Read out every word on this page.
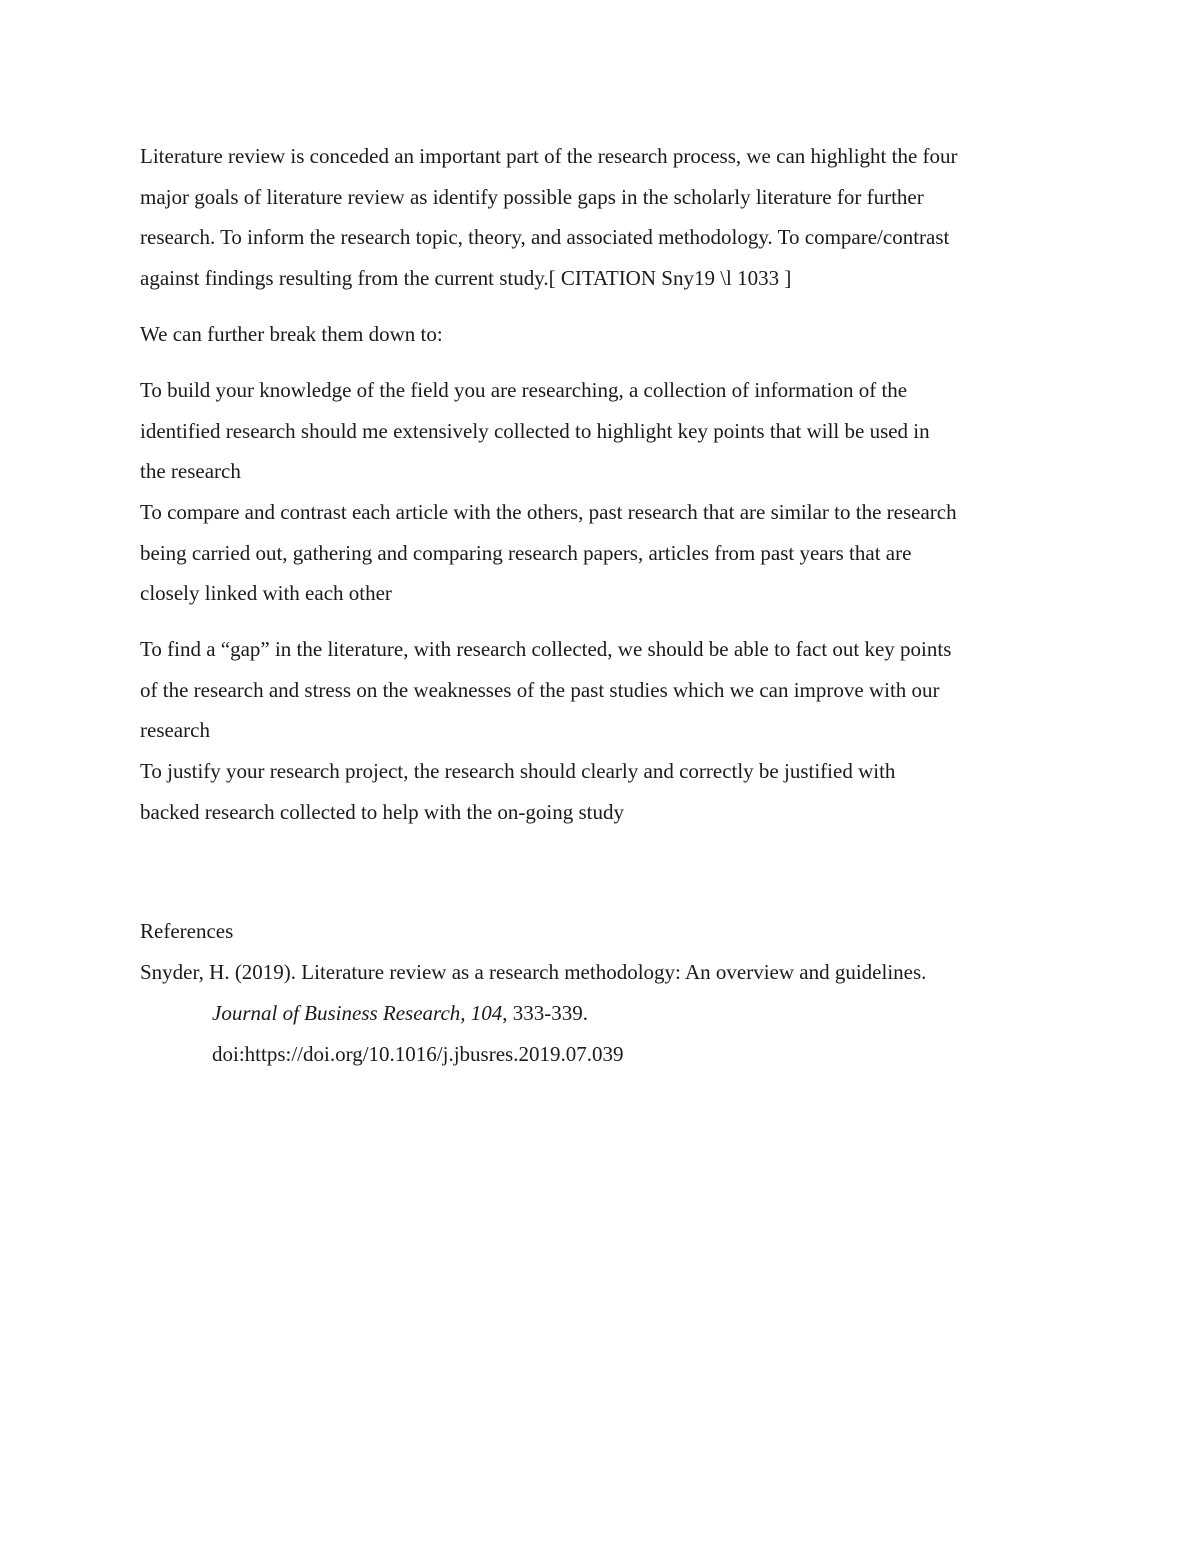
Literature review is conceded an important part of the research process, we can highlight the four
major goals of literature review as identify possible gaps in the scholarly literature for further
research. To inform the research topic, theory, and associated methodology. To compare/contrast
against findings resulting from the current study.[ CITATION Sny19 \l 1033 ]
We can further break them down to:
To build your knowledge of the field you are researching, a collection of information of the
identified research should me extensively collected to highlight key points that will be used in
the research
To compare and contrast each article with the others, past research that are similar to the research
being carried out, gathering and comparing research papers, articles from past years that are
closely linked with each other
To find a “gap” in the literature, with research collected, we should be able to fact out key points
of the research and stress on the weaknesses of the past studies which we can improve with our
research
To justify your research project, the research should clearly and correctly be justified with
backed research collected to help with the on-going study
References
Snyder, H. (2019). Literature review as a research methodology: An overview and guidelines.
Journal of Business Research, 104, 333-339.
doi:https://doi.org/10.1016/j.jbusres.2019.07.039
